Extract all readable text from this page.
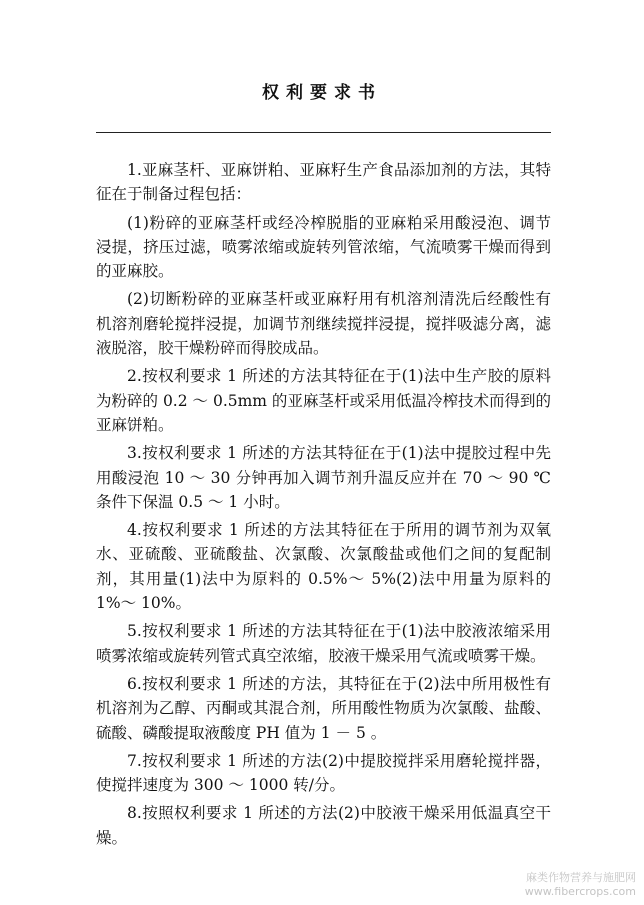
权利要求书

1.亚麻茎杆、亚麻饼粕、亚麻籽生产食品添加剂的方法，其特征在于制备过程包括：

(1)粉碎的亚麻茎杆或经冷榨脱脂的亚麻粕采用酸浸泡、调节浸提，挤压过滤，喷雾浓缩或旋转列管浓缩，气流喷雾干燥而得到的亚麻胶。

(2)切断粉碎的亚麻茎杆或亚麻籽用有机溶剂清洗后经酸性有机溶剂磨轮搅拌浸提，加调节剂继续搅拌浸提，搅拌吸滤分离，滤液脱溶，胶干燥粉碎而得胶成品。

2.按权利要求 1 所述的方法其特征在于(1)法中生产胶的原料为粉碎的 0.2 ～ 0.5mm 的亚麻茎杆或采用低温冷榨技术而得到的亚麻饼粕。

3.按权利要求 1 所述的方法其特征在于(1)法中提胶过程中先用酸浸泡 10 ～ 30 分钟再加入调节剂升温反应并在 70 ～ 90 ℃条件下保温 0.5 ～ 1 小时。

4.按权利要求 1 所述的方法其特征在于所用的调节剂为双氧水、亚硫酸、亚硫酸盐、次氯酸、次氯酸盐或他们之间的复配制剂，其用量(1)法中为原料的 0.5%～ 5%(2)法中用量为原料的 1%～ 10%。

5.按权利要求 1 所述的方法其特征在于(1)法中胶液浓缩采用喷雾浓缩或旋转列管式真空浓缩，胶液干燥采用气流或喷雾干燥。

6.按权利要求 1 所述的方法，其特征在于(2)法中所用极性有机溶剂为乙醇、丙酮或其混合剂，所用酸性物质为次氯酸、盐酸、硫酸、磷酸提取液酸度 PH 值为 1 － 5 。

7.按权利要求 1 所述的方法(2)中提胶搅拌采用磨轮搅拌器，使搅拌速度为 300 ～ 1000 转/分。

8.按照权利要求 1 所述的方法(2)中胶液干燥采用低温真空干燥。

麻类作物营养与施肥网
www.fibercrops.com
